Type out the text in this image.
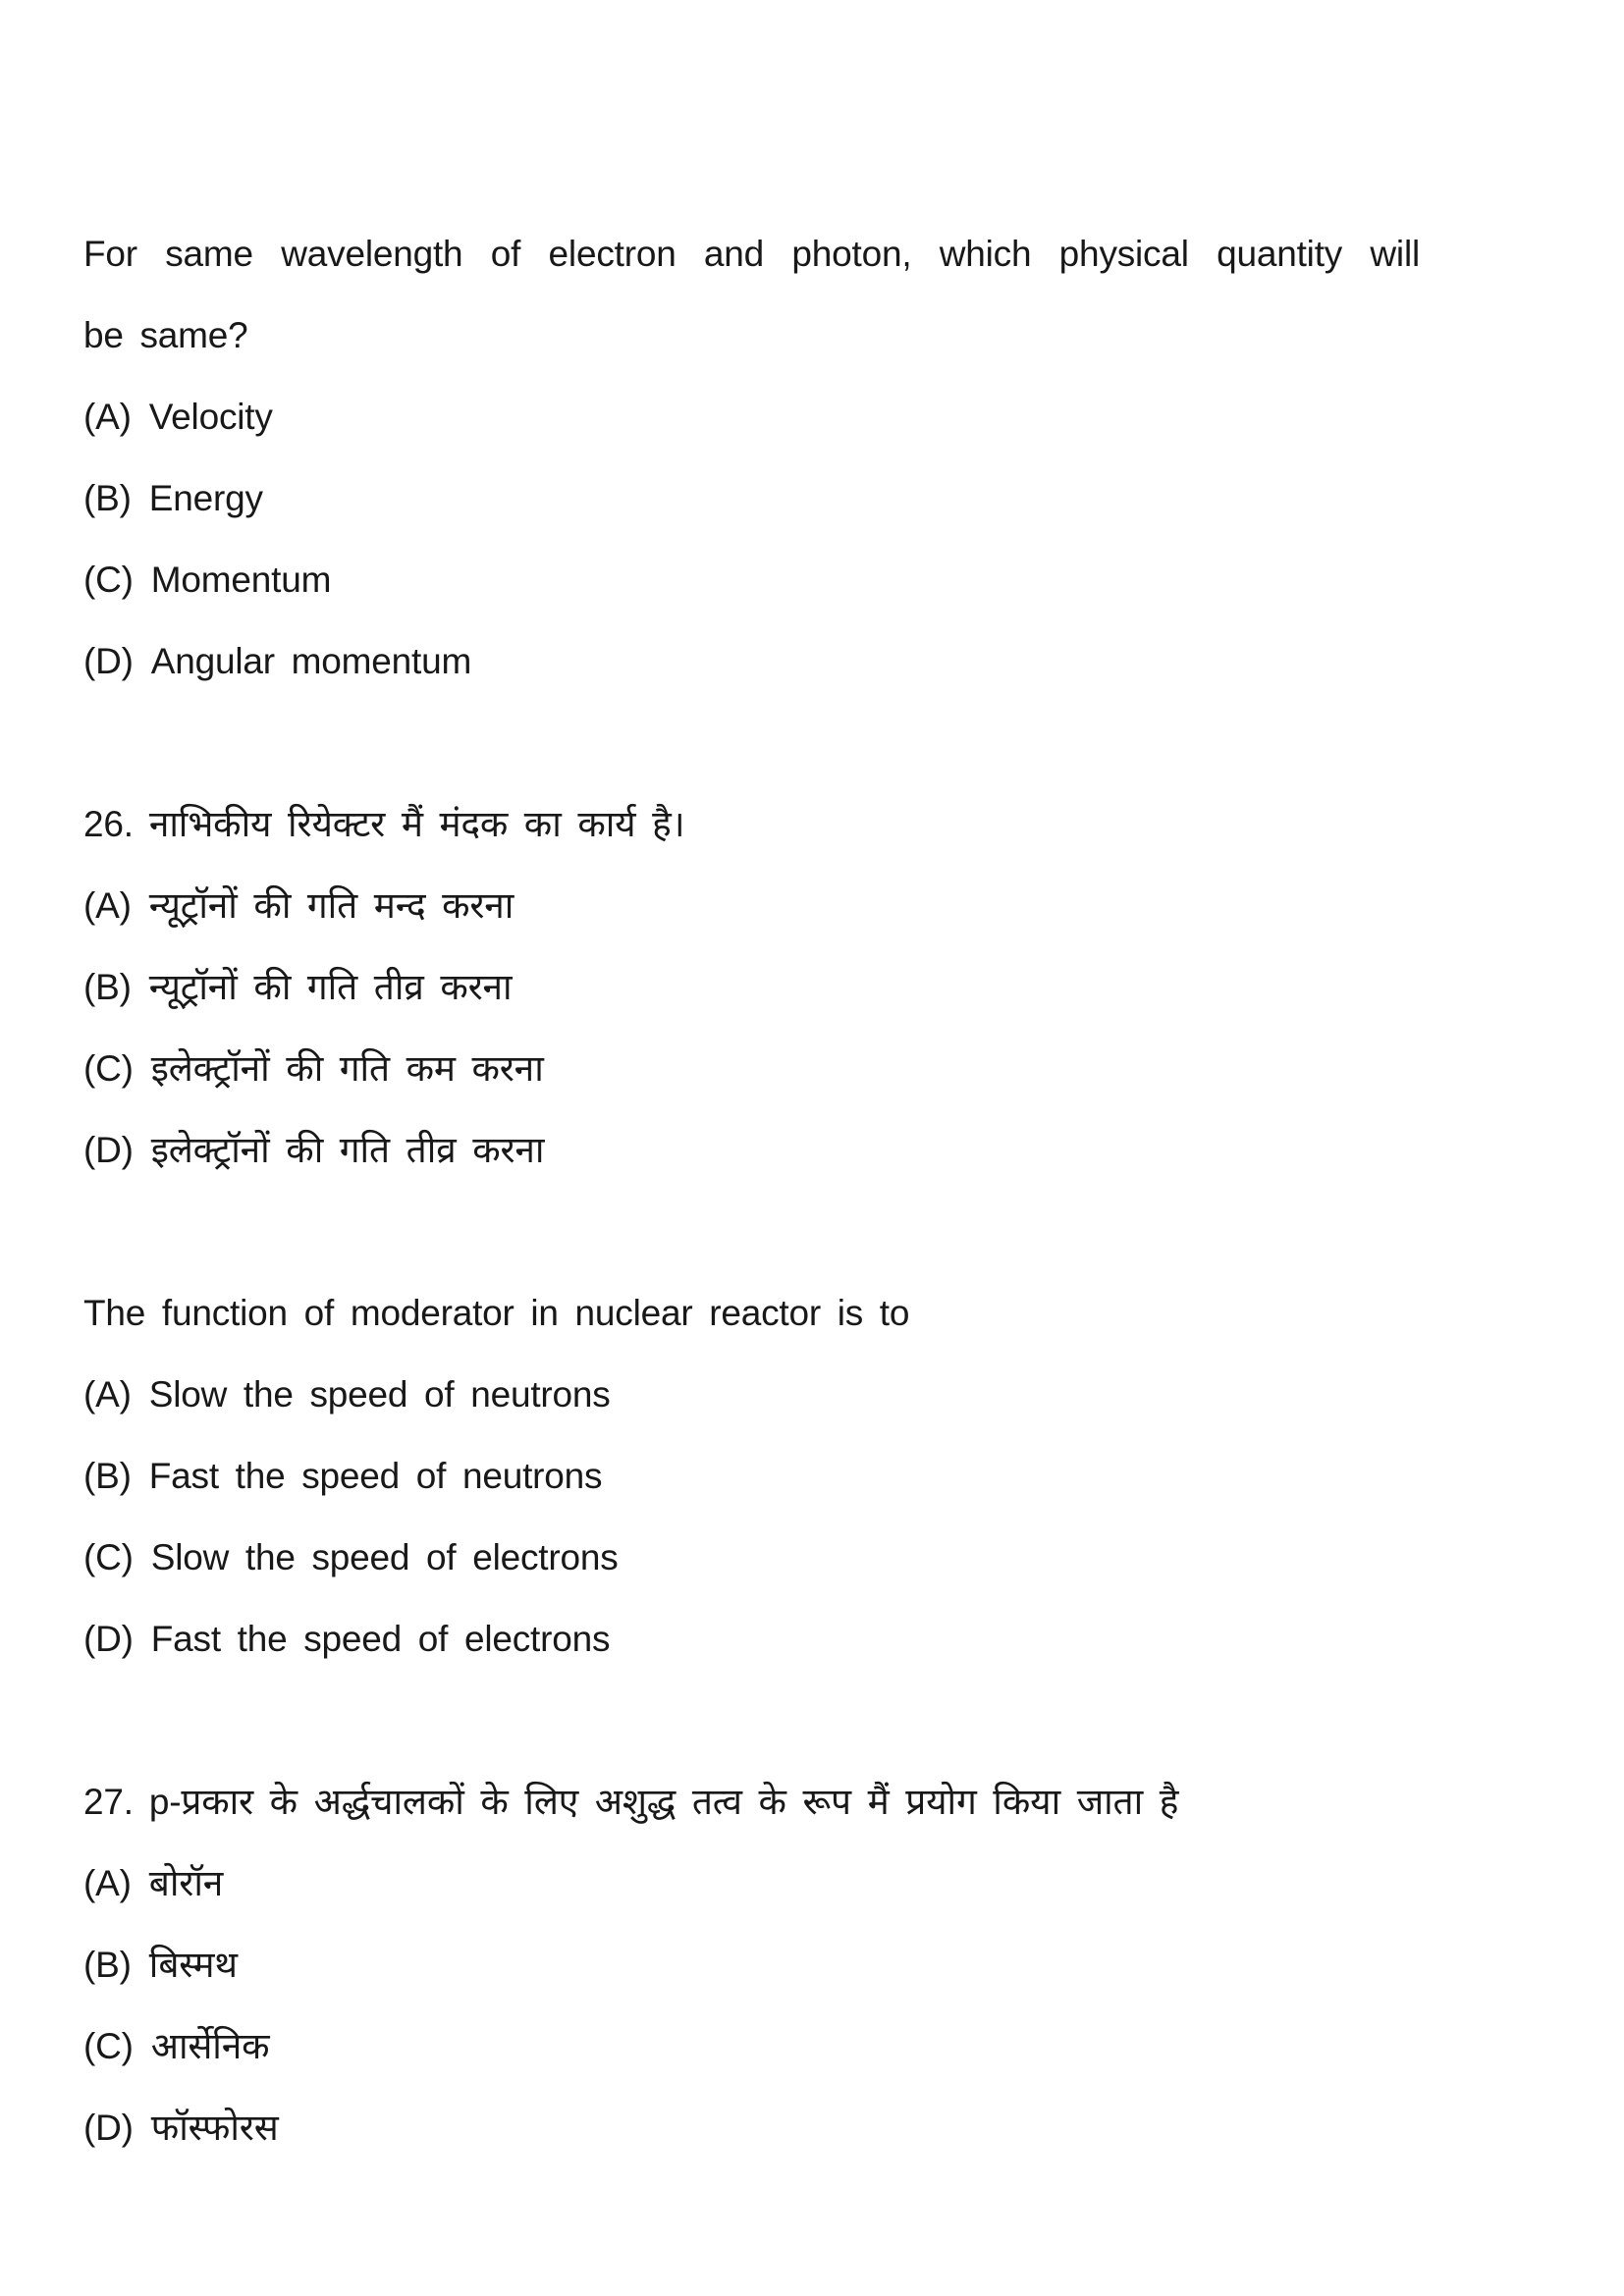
For same wavelength of electron and photon, which physical quantity will
be same?
(A) Velocity
(B) Energy
(C) Momentum
(D) Angular momentum
26. नाभिकीय रियेक्टर मैं मंदक का कार्य है।
(A) न्यूट्रॉनों की गति मन्द करना
(B) न्यूट्रॉनों की गति तीव्र करना
(C) इलेक्ट्रॉनों की गति कम करना
(D) इलेक्ट्रॉनों की गति तीव्र करना
The function of moderator in nuclear reactor is to
(A) Slow the speed of neutrons
(B) Fast the speed of neutrons
(C) Slow the speed of electrons
(D) Fast the speed of electrons
27. p-प्रकार के अर्द्धचालकों के लिए अशुद्ध तत्व के रूप मैं प्रयोग किया जाता है
(A) बोरॉन
(B) बिस्मथ
(C) आर्सेनिक
(D) फॉस्फोरस
